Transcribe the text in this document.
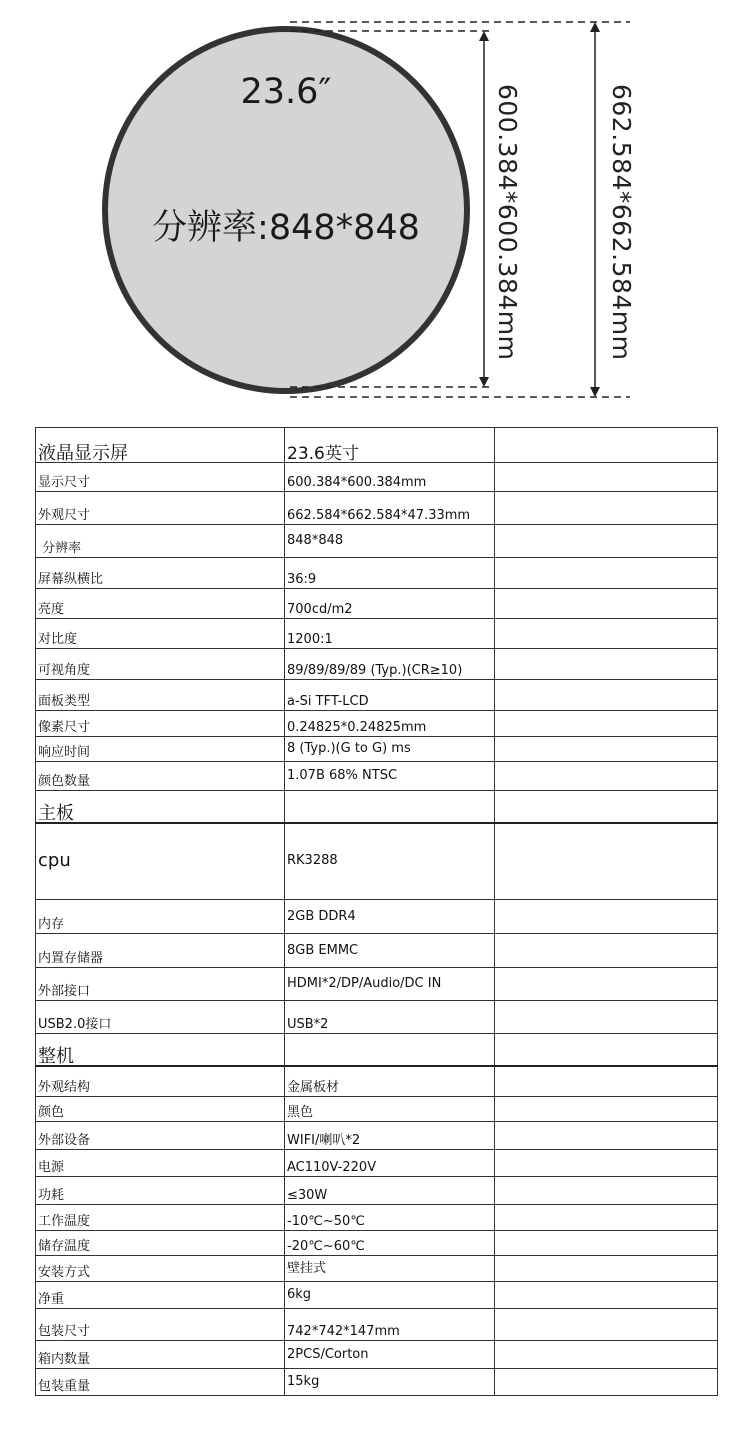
23.6″
分辨率:848*848	600.384*600.384mm	662.584*662.584mm
液晶显示屏	23.6英寸	
显示尺寸	600.384*600.384mm	
外观尺寸	662.584*662.584*47.33mm	
分辨率	848*848	
屏幕纵横比	36:9	
亮度	700cd/m2	
对比度	1200:1	
可视角度	89/89/89/89 (Typ.)(CR≥10)	
面板类型	a-Si TFT-LCD	
像素尺寸	0.24825*0.24825mm	
响应时间	8 (Typ.)(G to G) ms	
颜色数量	1.07B 68% NTSC	
主板		
cpu	RK3288	
内存	2GB DDR4	
内置存储器	8GB EMMC	
外部接口	HDMI*2/DP/Audio/DC IN	
USB2.0接口	USB*2	
整机		
外观结构	金属板材	
颜色	黑色	
外部设备	WIFI/喇叭*2	
电源	AC110V-220V	
功耗	≤30W	
工作温度	-10℃~50℃	
储存温度	-20℃~60℃	
安装方式	壁挂式	
净重	6kg	
包装尺寸	742*742*147mm	
箱内数量	2PCS/Corton	
包装重量	15kg	
